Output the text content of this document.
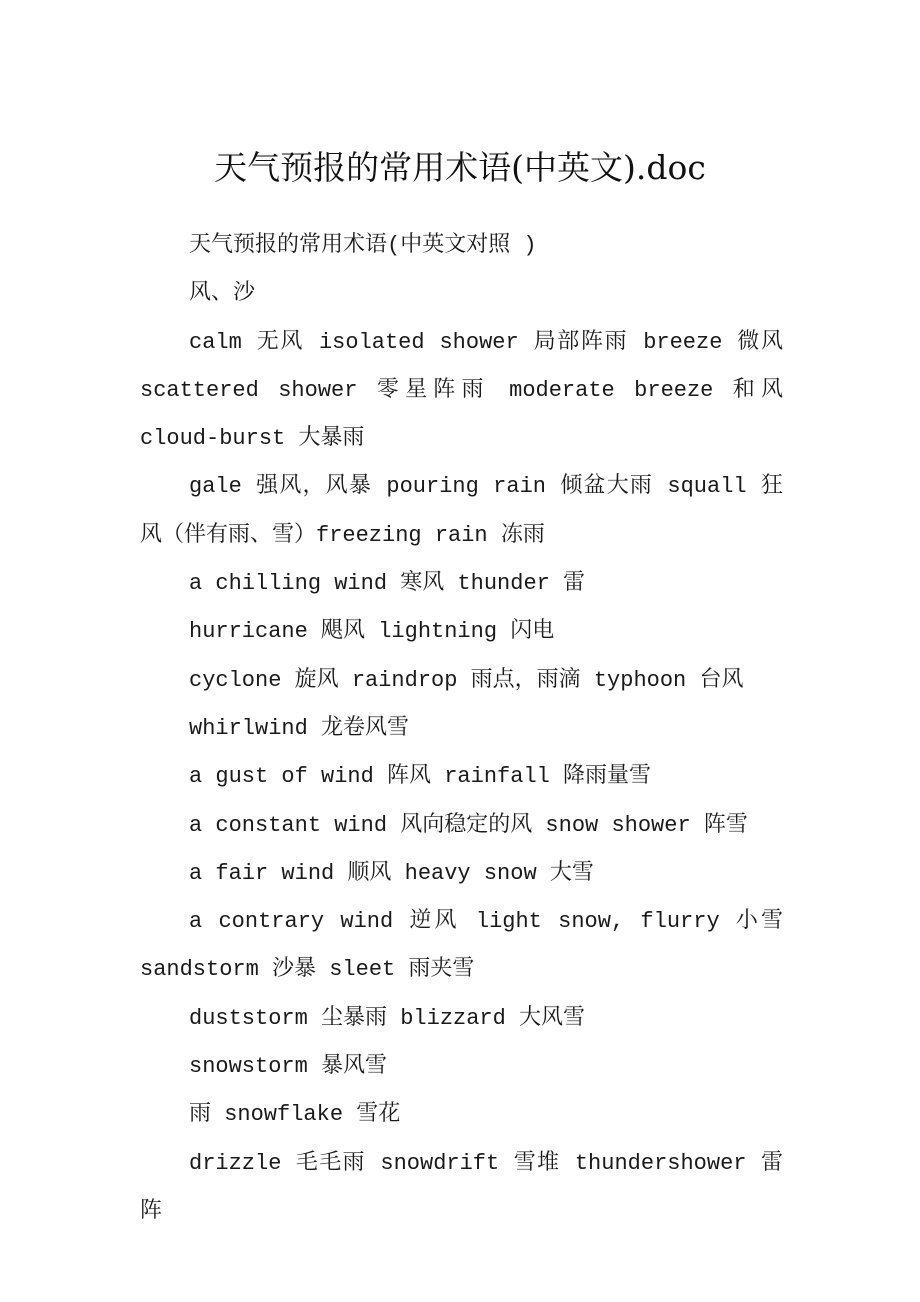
天气预报的常用术语(中英文).doc

天气预报的常用术语(中英文对照 )

风、沙

calm 无风 isolated shower 局部阵雨 breeze 微风 scattered shower 零星阵雨 moderate breeze 和风 cloud-burst 大暴雨

gale 强风，风暴 pouring rain 倾盆大雨 squall 狂风（伴有雨、雪）freezing rain 冻雨

a chilling wind 寒风 thunder 雷

hurricane 飓风 lightning 闪电

cyclone 旋风 raindrop 雨点，雨滴 typhoon 台风

whirlwind 龙卷风雪

a gust of wind 阵风 rainfall 降雨量雪

a constant wind 风向稳定的风 snow shower 阵雪

a fair wind 顺风 heavy snow 大雪

a contrary wind 逆风 light snow, flurry 小雪 sandstorm 沙暴 sleet 雨夹雪

duststorm 尘暴雨 blizzard 大风雪

snowstorm 暴风雪

雨 snowflake 雪花

drizzle 毛毛雨 snowdrift 雪堆 thundershower 雷阵
